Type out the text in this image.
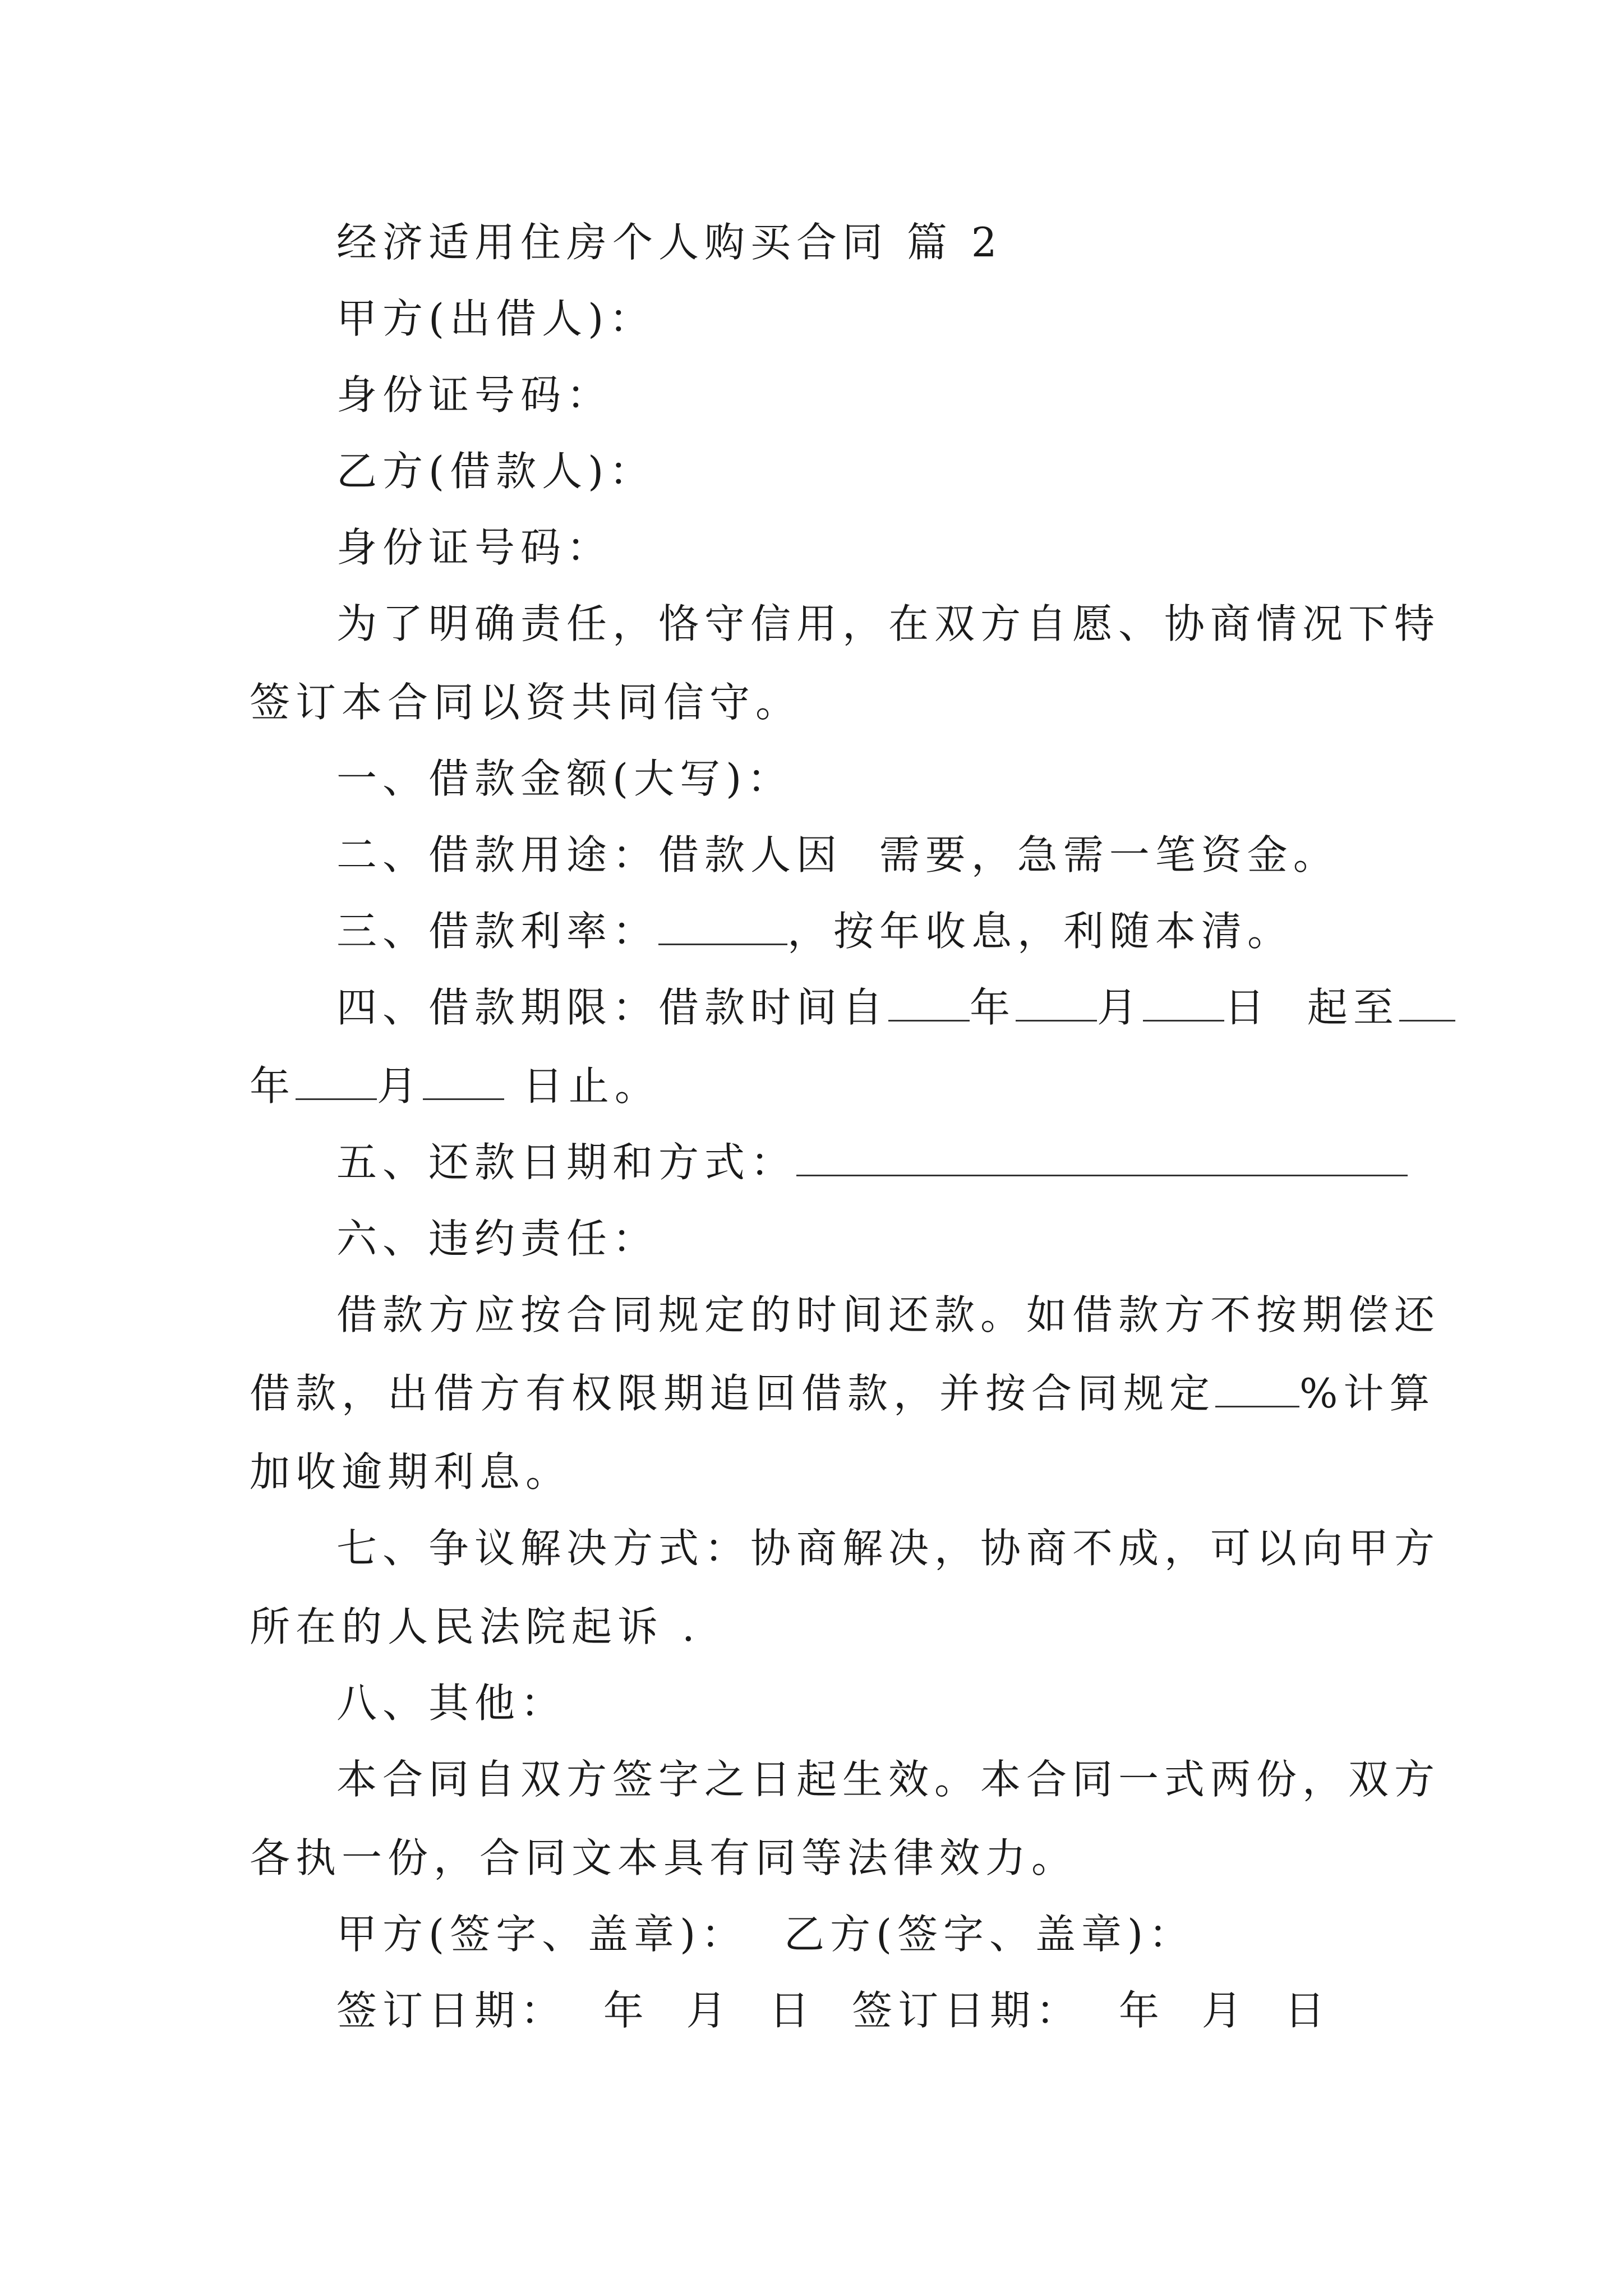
经济适用住房个人购买合同 篇 2
甲方(出借人)：
身份证号码：
乙方(借款人)：
身份证号码：
为了明确责任，恪守信用，在双方自愿、协商情况下特
签订本合同以资共同信守。
一、借款金额(大写)：
二、借款用途：借款人因  需要，急需一笔资金。
三、借款利率：	，按年收息，利随本清。
四、借款期限：借款时间自 年 月 日  起至
年 月 日止。
五、还款日期和方式：
六、违约责任：
借款方应按合同规定的时间还款。如借款方不按期偿还
借款，出借方有权限期追回借款，并按合同规定 %计算
加收逾期利息。
七、争议解决方式：协商解决，协商不成，可以向甲方
所在的人民法院起诉 .
八、其他：
本合同自双方签字之日起生效。本合同一式两份，双方
各执一份，合同文本具有同等法律效力。
甲方(签字、盖章)：  乙方(签字、盖章)：
签订日期：  年  月  日  签订日期：  年  月  日
